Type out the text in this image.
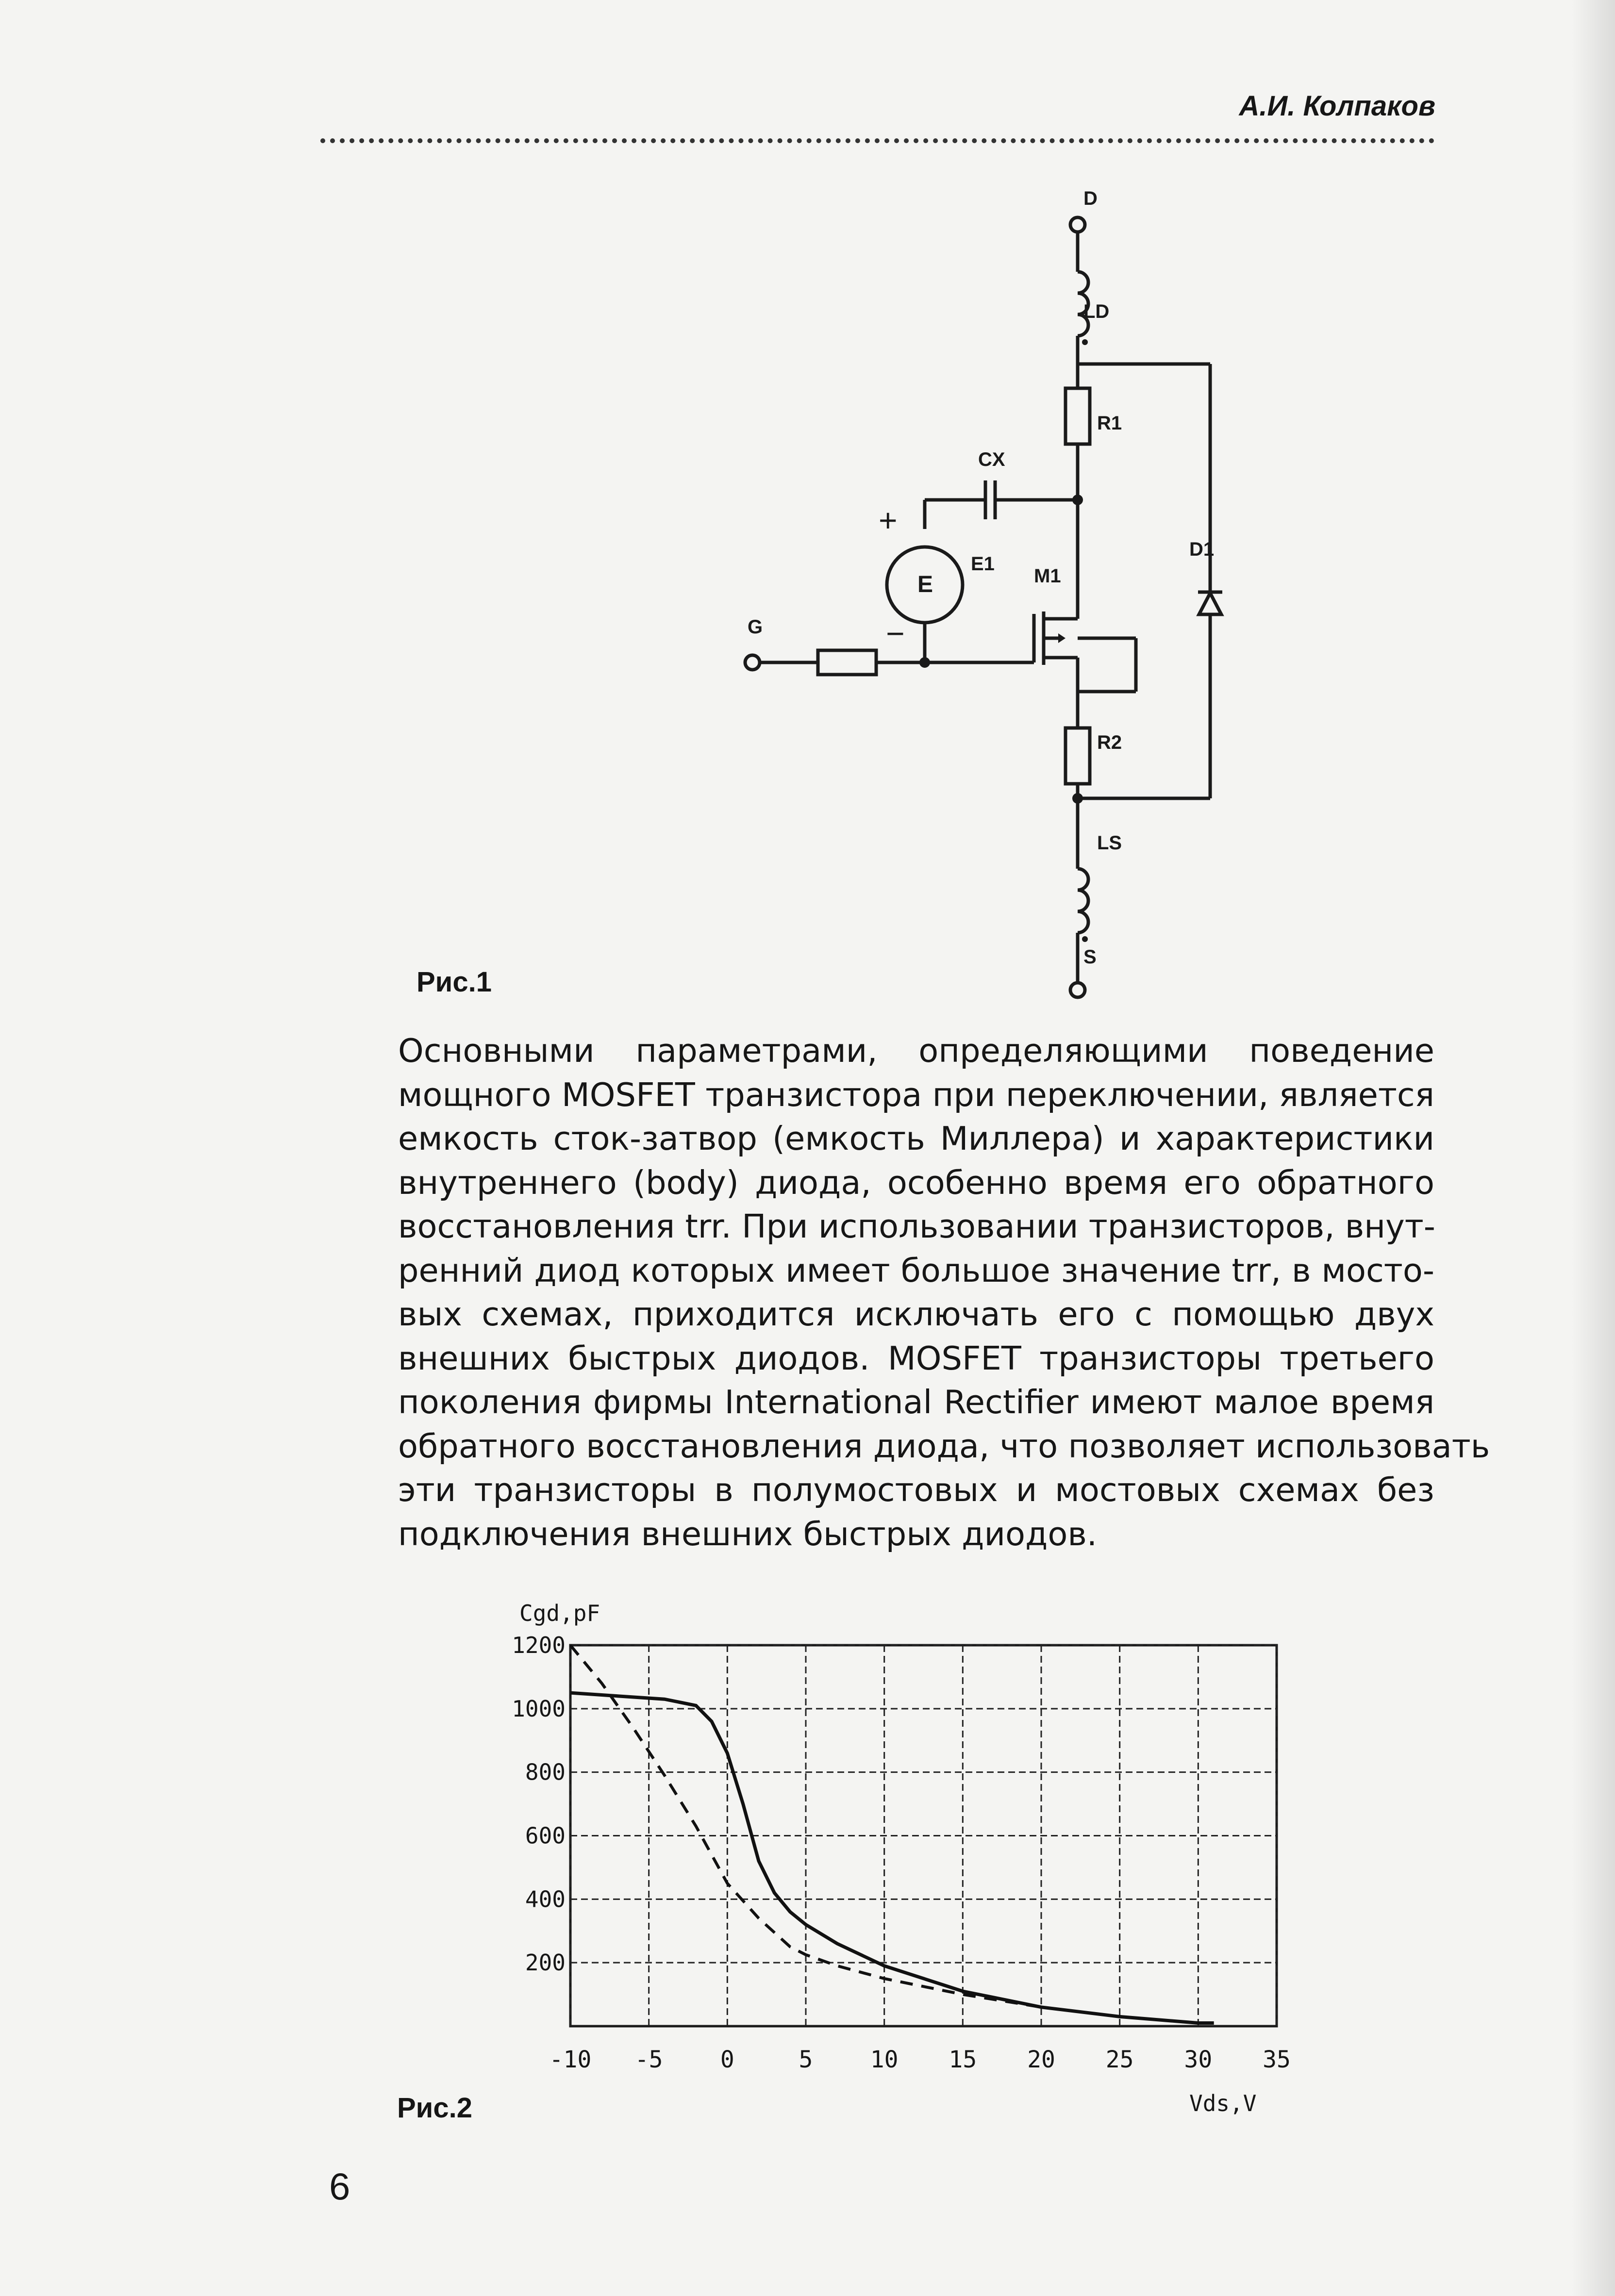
А.И. Колпаков
D
LD
R1
CX
E1
E
+
−
M1
D1
G
R2
LS
S
Рис.1
Основными параметрами, определяющими поведение
мощного MOSFET транзистора при переключении, является
емкость сток-затвор (емкость Миллера) и характеристики
внутреннего (body) диода, особенно время его обратного
восстановления trr. При использовании транзисторов, внут-
ренний диод которых имеет большое значение trr, в мосто-
вых схемах, приходится исключать его с помощью двух
внешних быстрых диодов. MOSFET транзисторы третьего
поколения фирмы International Rectifier имеют малое время
обратного восстановления диода, что позволяет использовать
эти транзисторы в полумостовых и мостовых схемах без
подключения внешних быстрых диодов.
-10 -5 0	5 10 15 20 25 30 35
200
400
600
800
1000
1200
Cgd,pF
Vds,V
Рис.2
6
